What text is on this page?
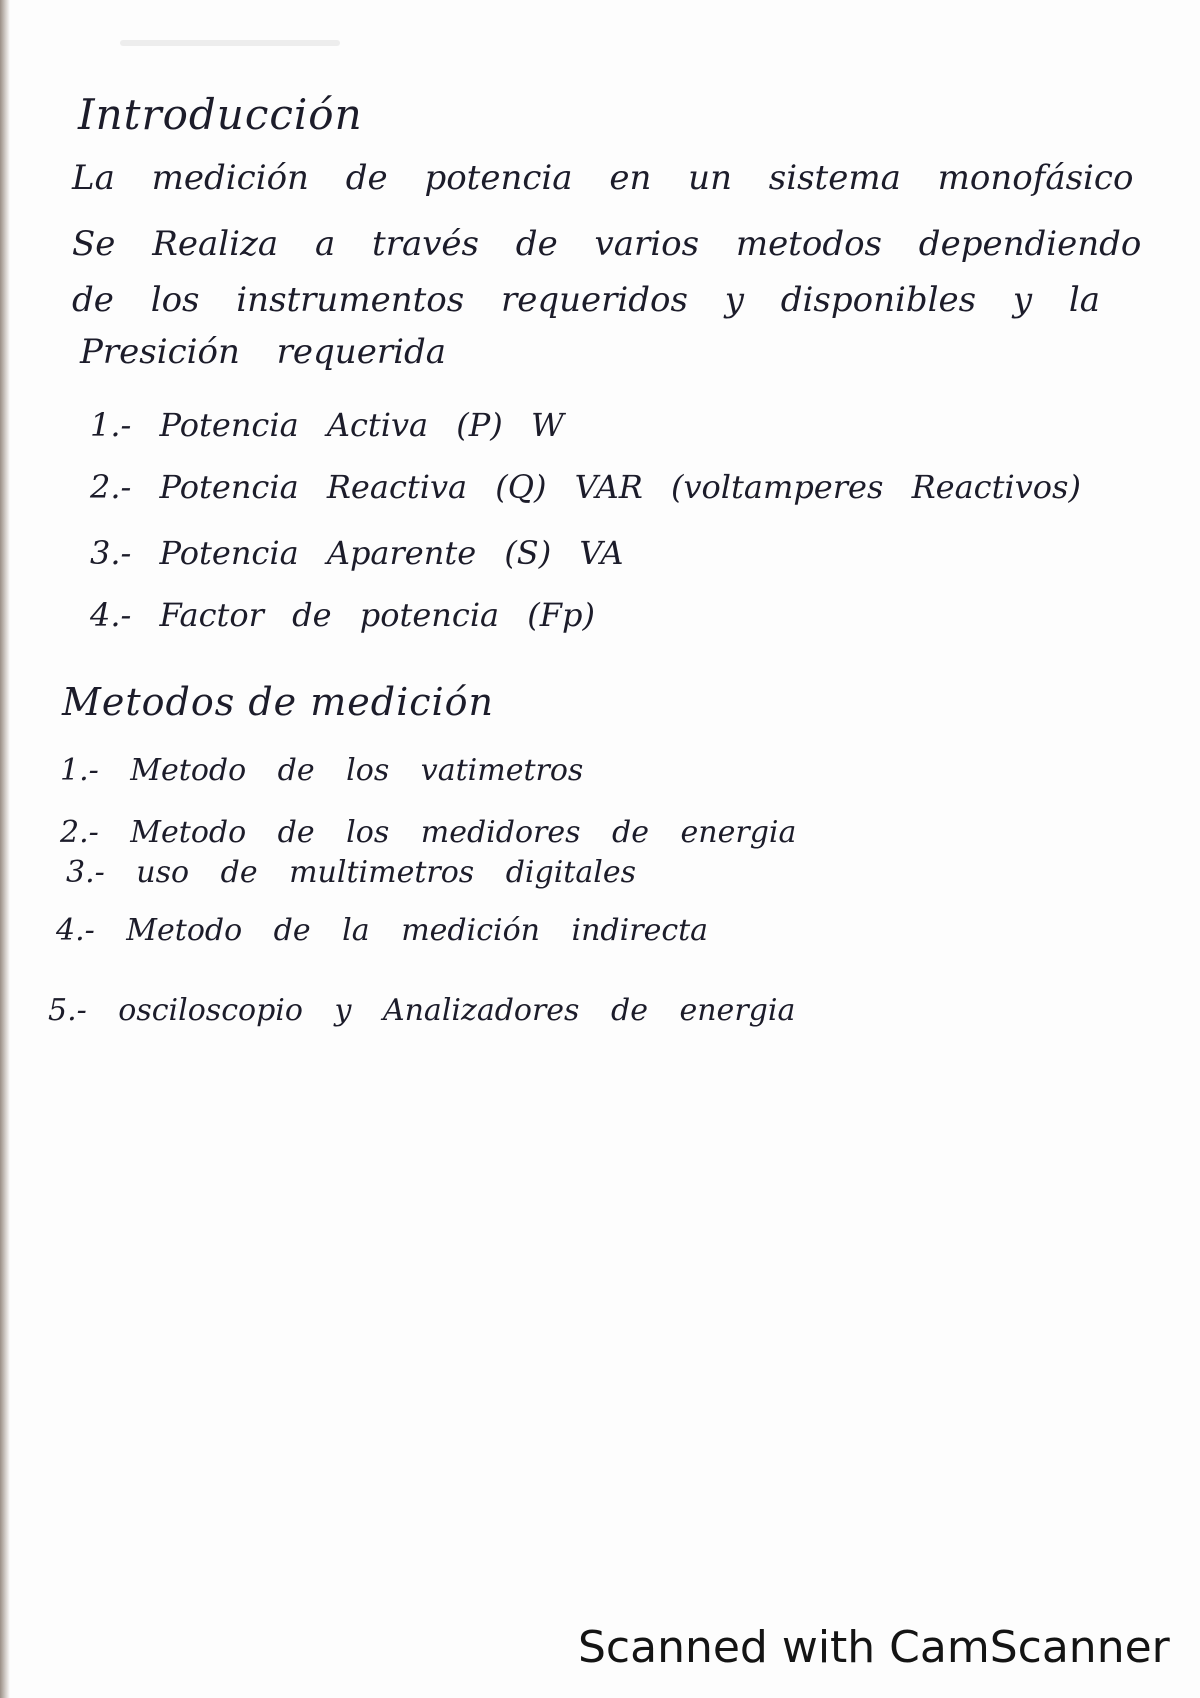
Introducción

La medición de potencia en un sistema monofásico

Se Realiza a través de varios metodos dependiendo

de los instrumentos requeridos y disponibles y la

Presición requerida

1.- Potencia Activa (P) W

2.- Potencia Reactiva (Q) VAR (voltamperes Reactivos)

3.- Potencia Aparente (S) VA

4.- Factor de potencia (Fp)

Metodos de medición

1.- Metodo de los vatimetros

2.- Metodo de los medidores de energia

3.- uso de multimetros digitales

4.- Metodo de la medición indirecta

5.- osciloscopio y Analizadores de energia

Scanned with CamScanner
